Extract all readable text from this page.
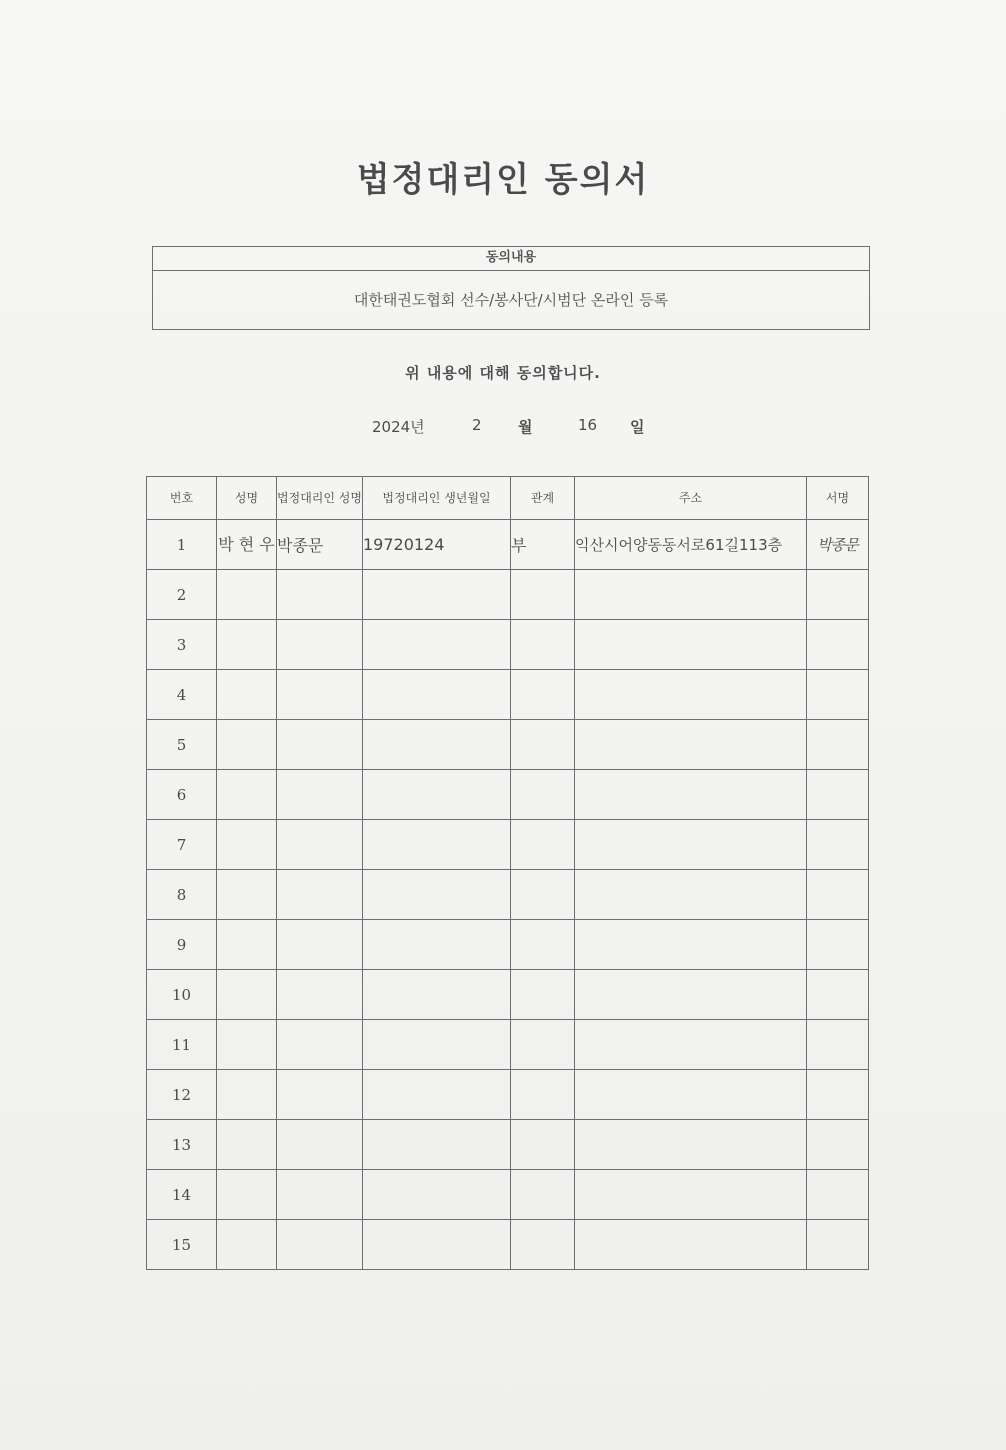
법정대리인 동의서
동의내용
대한태권도협회 선수/봉사단/시범단 온라인 등록
위 내용에 대해 동의합니다.
2024년	2 월	16 일
번호	성명	법정대리인 성명	법정대리인 생년월일	관계	주소	서명
1	박 현 우	박종문	19720124	부	익산시어양동동서로61길113층	박종문
2						
3						
4						
5						
6						
7						
8						
9						
10						
11						
12						
13						
14						
15						
